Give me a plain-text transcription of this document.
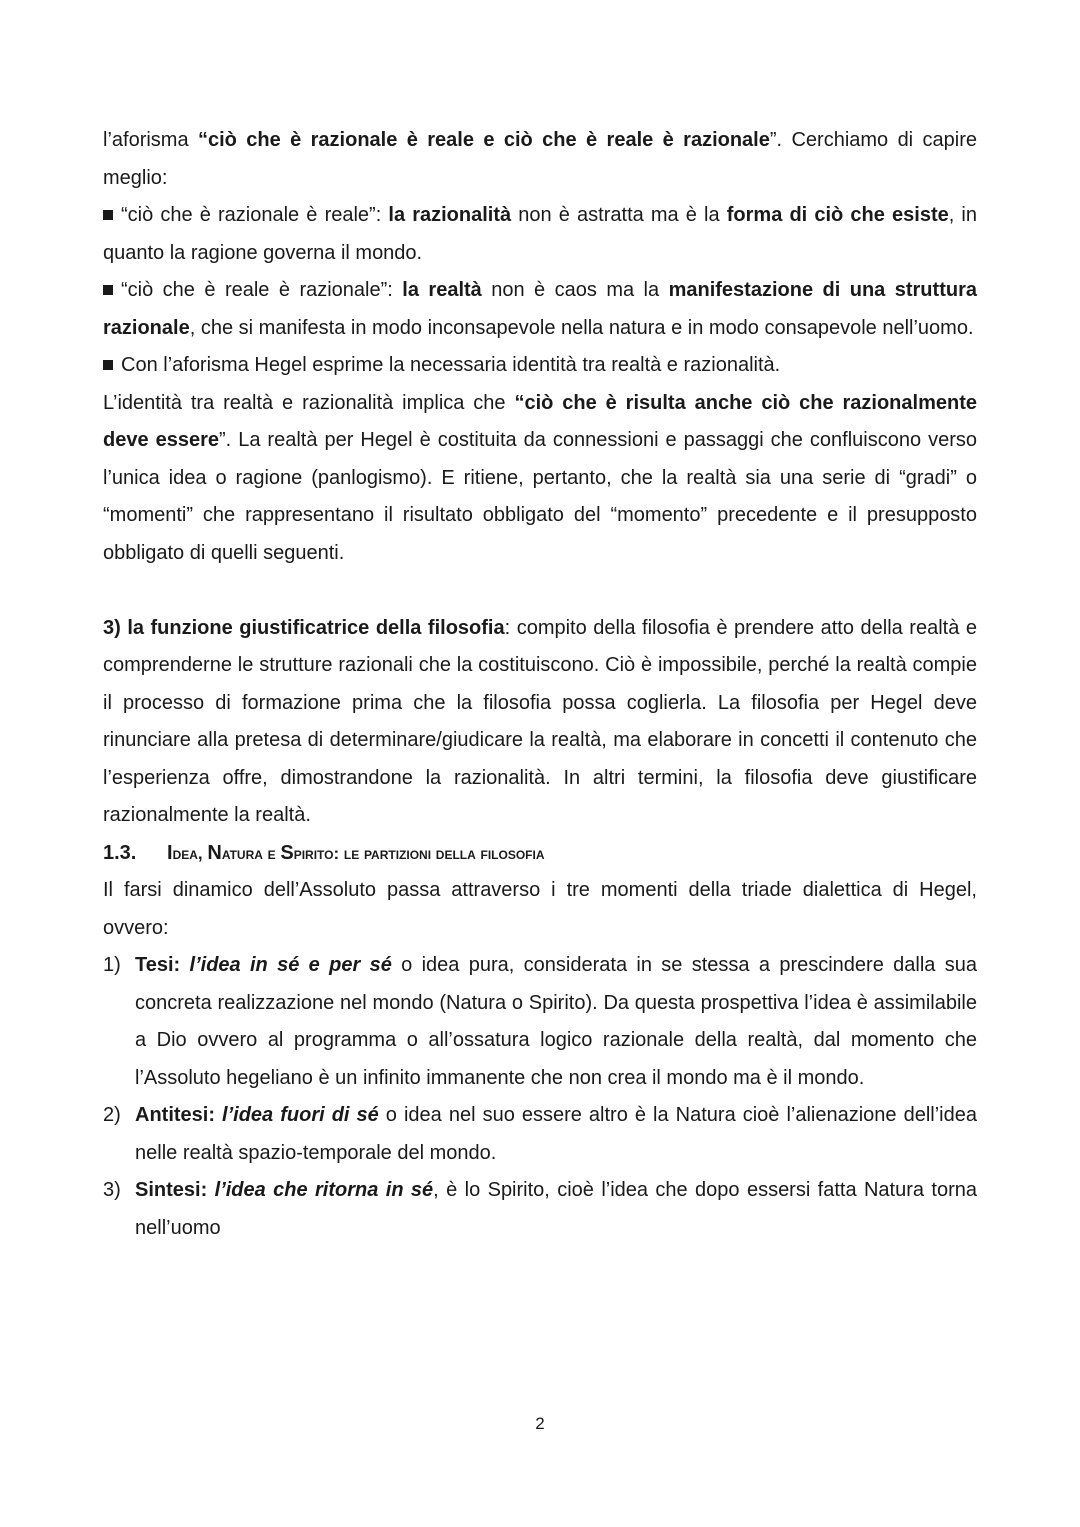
l’aforisma “ciò che è razionale è reale e ciò che è reale è razionale”. Cerchiamo di capire meglio:

“ciò che è razionale è reale”: la razionalità non è astratta ma è la forma di ciò che esiste, in quanto la ragione governa il mondo.

“ciò che è reale è razionale”: la realtà non è caos ma la manifestazione di una struttura razionale, che si manifesta in modo inconsapevole nella natura e in modo consapevole nell’uomo.

Con l’aforisma Hegel esprime la necessaria identità tra realtà e razionalità.

L’identità tra realtà e razionalità implica che “ciò che è risulta anche ciò che razionalmente deve essere”. La realtà per Hegel è costituita da connessioni e passaggi che confluiscono verso l’unica idea o ragione (panlogismo). E ritiene, pertanto, che la realtà sia una serie di “gradi” o “momenti” che rappresentano il risultato obbligato del “momento” precedente e il presupposto obbligato di quelli seguenti.

3) la funzione giustificatrice della filosofia: compito della filosofia è prendere atto della realtà e comprenderne le strutture razionali che la costituiscono. Ciò è impossibile, perché la realtà compie il processo di formazione prima che la filosofia possa coglierla. La filosofia per Hegel deve rinunciare alla pretesa di determinare/giudicare la realtà, ma elaborare in concetti il contenuto che l’esperienza offre, dimostrandone la razionalità. In altri termini, la filosofia deve giustificare razionalmente la realtà.

1.3.	Idea, Natura e Spirito: le partizioni della filosofia

Il farsi dinamico dell’Assoluto passa attraverso i tre momenti della triade dialettica di Hegel, ovvero:

1) Tesi: l’idea in sé e per sé o idea pura, considerata in se stessa a prescindere dalla sua concreta realizzazione nel mondo (Natura o Spirito). Da questa prospettiva l’idea è assimilabile a Dio ovvero al programma o all’ossatura logico razionale della realtà, dal momento che l’Assoluto hegeliano è un infinito immanente che non crea il mondo ma è il mondo.
2) Antitesi: l’idea fuori di sé o idea nel suo essere altro è la Natura cioè l’alienazione dell’idea nelle realtà spazio-temporale del mondo.
3) Sintesi: l’idea che ritorna in sé, è lo Spirito, cioè l’idea che dopo essersi fatta Natura torna nell’uomo
2
